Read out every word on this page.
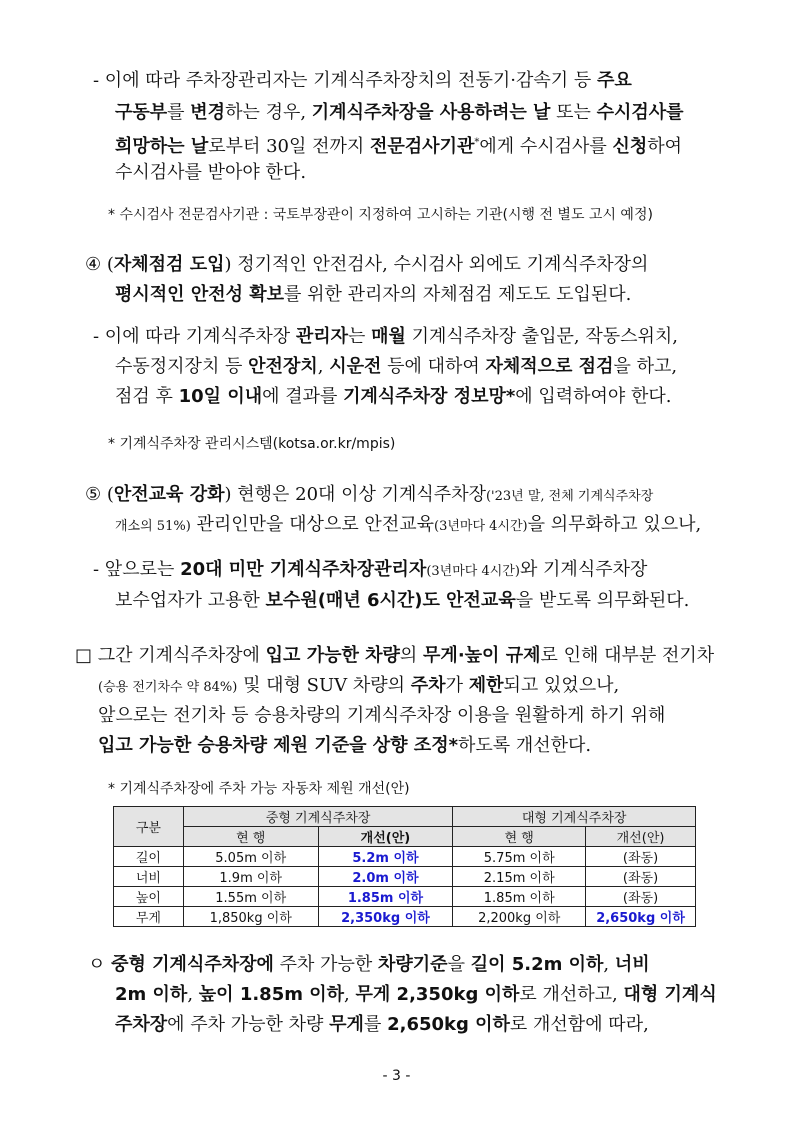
- 이에 따라 주차장관리자는 기계식주차장치의 전동기·감속기 등 주요
구동부를 변경하는 경우, 기계식주차장을 사용하려는 날 또는 수시검사를
희망하는 날로부터 30일 전까지 전문검사기관*에게 수시검사를 신청하여
수시검사를 받아야 한다.
* 수시검사 전문검사기관 : 국토부장관이 지정하여 고시하는 기관(시행 전 별도 고시 예정)
④ (자체점검 도입) 정기적인 안전검사, 수시검사 외에도 기계식주차장의
평시적인 안전성 확보를 위한 관리자의 자체점검 제도도 도입된다.
- 이에 따라 기계식주차장 관리자는 매월 기계식주차장 출입문, 작동스위치,
수동정지장치 등 안전장치, 시운전 등에 대하여 자체적으로 점검을 하고,
점검 후 10일 이내에 결과를 기계식주차장 정보망*에 입력하여야 한다.
* 기계식주차장 관리시스템(kotsa.or.kr/mpis)
⑤ (안전교육 강화) 현행은 20대 이상 기계식주차장('23년 말, 전체 기계식주차장
개소의 51%) 관리인만을 대상으로 안전교육(3년마다 4시간)을 의무화하고 있으나,
- 앞으로는 20대 미만 기계식주차장관리자(3년마다 4시간)와 기계식주차장
보수업자가 고용한 보수원(매년 6시간)도 안전교육을 받도록 의무화된다.
□ 그간 기계식주차장에 입고 가능한 차량의 무게·높이 규제로 인해 대부분 전기차
(승용 전기차수 약 84%) 및 대형 SUV 차량의 주차가 제한되고 있었으나,
앞으로는 전기차 등 승용차량의 기계식주차장 이용을 원활하게 하기 위해
입고 가능한 승용차량 제원 기준을 상향 조정*하도록 개선한다.
* 기계식주차장에 주차 가능 자동차 제원 개선(안)
구분	중형 기계식주차장		대형 기계식주차장	
	현 행	개선(안)	현 행	개선(안)
길이	5.05m 이하	5.2m 이하	5.75m 이하	(좌동)
너비	1.9m 이하	2.0m 이하	2.15m 이하	(좌동)
높이	1.55m 이하	1.85m 이하	1.85m 이하	(좌동)
무게	1,850kg 이하	2,350kg 이하	2,200kg 이하	2,650kg 이하
ㅇ 중형 기계식주차장에 주차 가능한 차량기준을 길이 5.2m 이하, 너비
2m 이하, 높이 1.85m 이하, 무게 2,350kg 이하로 개선하고, 대형 기계식
주차장에 주차 가능한 차량 무게를 2,650kg 이하로 개선함에 따라,
- 3 -
